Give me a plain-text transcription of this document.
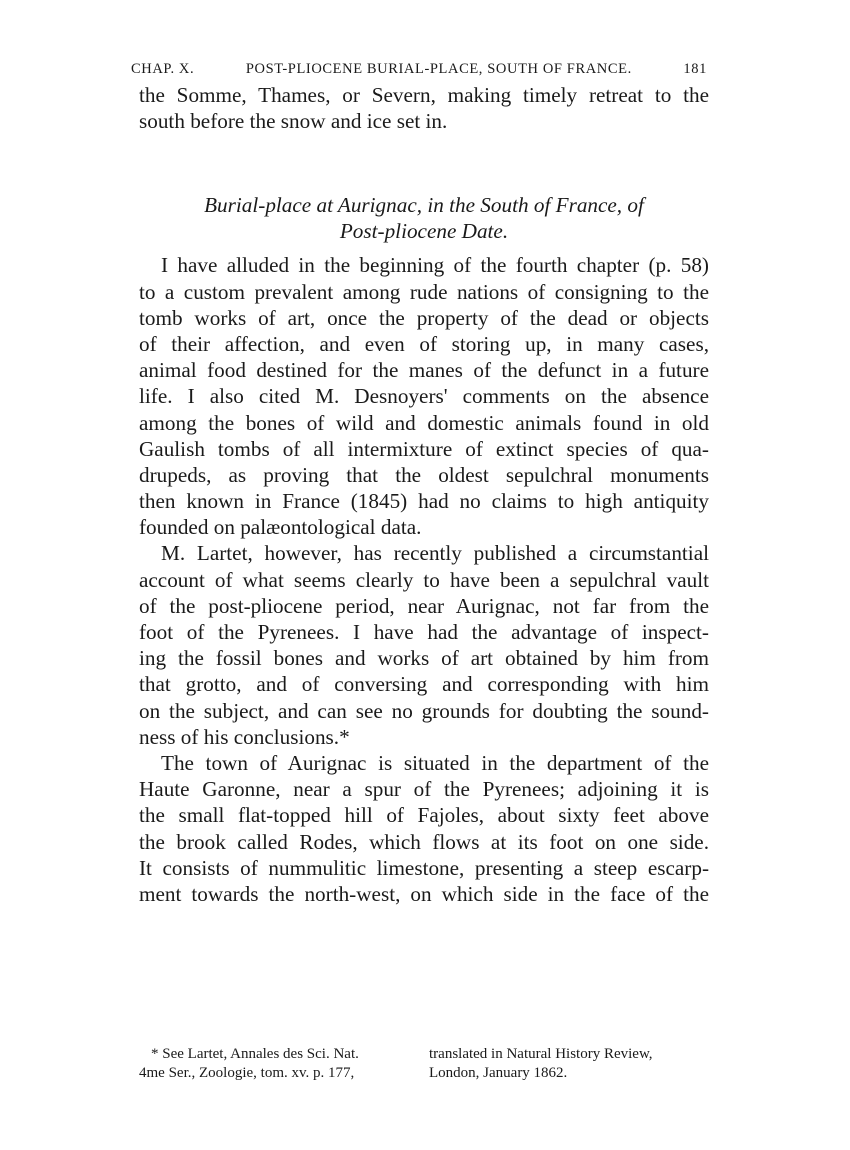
CHAP. X.	POST-PLIOCENE BURIAL-PLACE, SOUTH OF FRANCE.	181
the Somme, Thames, or Severn, making timely retreat to the
south before the snow and ice set in.
Burial-place at Aurignac, in the South of France, of
Post-pliocene Date.
I have alluded in the beginning of the fourth chapter (p. 58)
to a custom prevalent among rude nations of consigning to the
tomb works of art, once the property of the dead or objects
of their affection, and even of storing up, in many cases,
animal food destined for the manes of the defunct in a future
life. I also cited M. Desnoyers' comments on the absence
among the bones of wild and domestic animals found in old
Gaulish tombs of all intermixture of extinct species of qua-
drupeds, as proving that the oldest sepulchral monuments
then known in France (1845) had no claims to high antiquity
founded on palæontological data.
M. Lartet, however, has recently published a circumstantial
account of what seems clearly to have been a sepulchral vault
of the post-pliocene period, near Aurignac, not far from the
foot of the Pyrenees. I have had the advantage of inspect-
ing the fossil bones and works of art obtained by him from
that grotto, and of conversing and corresponding with him
on the subject, and can see no grounds for doubting the sound-
ness of his conclusions.*
The town of Aurignac is situated in the department of the
Haute Garonne, near a spur of the Pyrenees; adjoining it is
the small flat-topped hill of Fajoles, about sixty feet above
the brook called Rodes, which flows at its foot on one side.
It consists of nummulitic limestone, presenting a steep escarp-
ment towards the north-west, on which side in the face of the
* See Lartet, Annales des Sci. Nat.
4me Ser., Zoologie, tom. xv. p. 177,
translated in Natural History Review,
London, January 1862.
